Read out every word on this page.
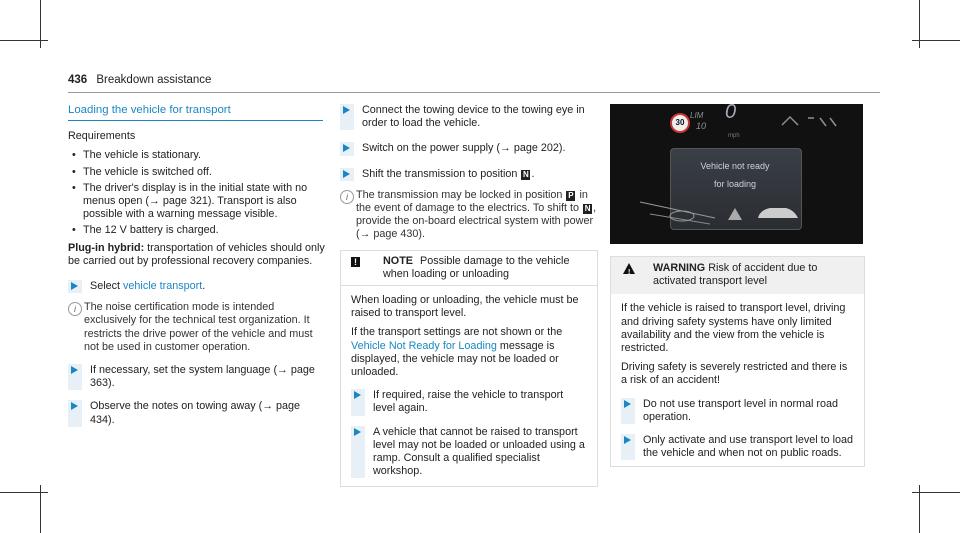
436 Breakdown assistance
Loading the vehicle for transport

Requirements

• The vehicle is stationary.
• The vehicle is switched off.
• The driver's display is in the initial state with no menus open (→ page 321). Transport is also possible with a warning message visible.
• The 12 V battery is charged.

Plug-in hybrid: transportation of vehicles should only be carried out by professional recovery companies.

Select vehicle transport.
i The noise certification mode is intended exclusively for the technical test organization. It restricts the drive power of the vehicle and must not be used in customer operation.
If necessary, set the system language (→ page 363).
Observe the notes on towing away (→ page 434).
Connect the towing device to the towing eye in order to load the vehicle.
Switch on the power supply (→ page 202).
Shift the transmission to position N .
i The transmission may be locked in position P in the event of damage to the electrics. To shift to N , provide the on-board electrical system with power (→ page 430).
! NOTE Possible damage to the vehicle when loading or unloading

When loading or unloading, the vehicle must be raised to transport level.

If the transport settings are not shown or the Vehicle Not Ready for Loading message is displayed, the vehicle may not be loaded or unloaded.

If required, raise the vehicle to transport level again.
A vehicle that cannot be raised to transport level may not be loaded or unloaded using a ramp. Consult a qualified specialist workshop.
30
LIM
10
0
mph
Vehicle not ready
for loading
! WARNING Risk of accident due to activated transport level

If the vehicle is raised to transport level, driving and driving safety systems have only limited availability and the view from the vehicle is restricted.

Driving safety is severely restricted and there is a risk of an accident!

Do not use transport level in normal road operation.
Only activate and use transport level to load the vehicle and when not on public roads.
